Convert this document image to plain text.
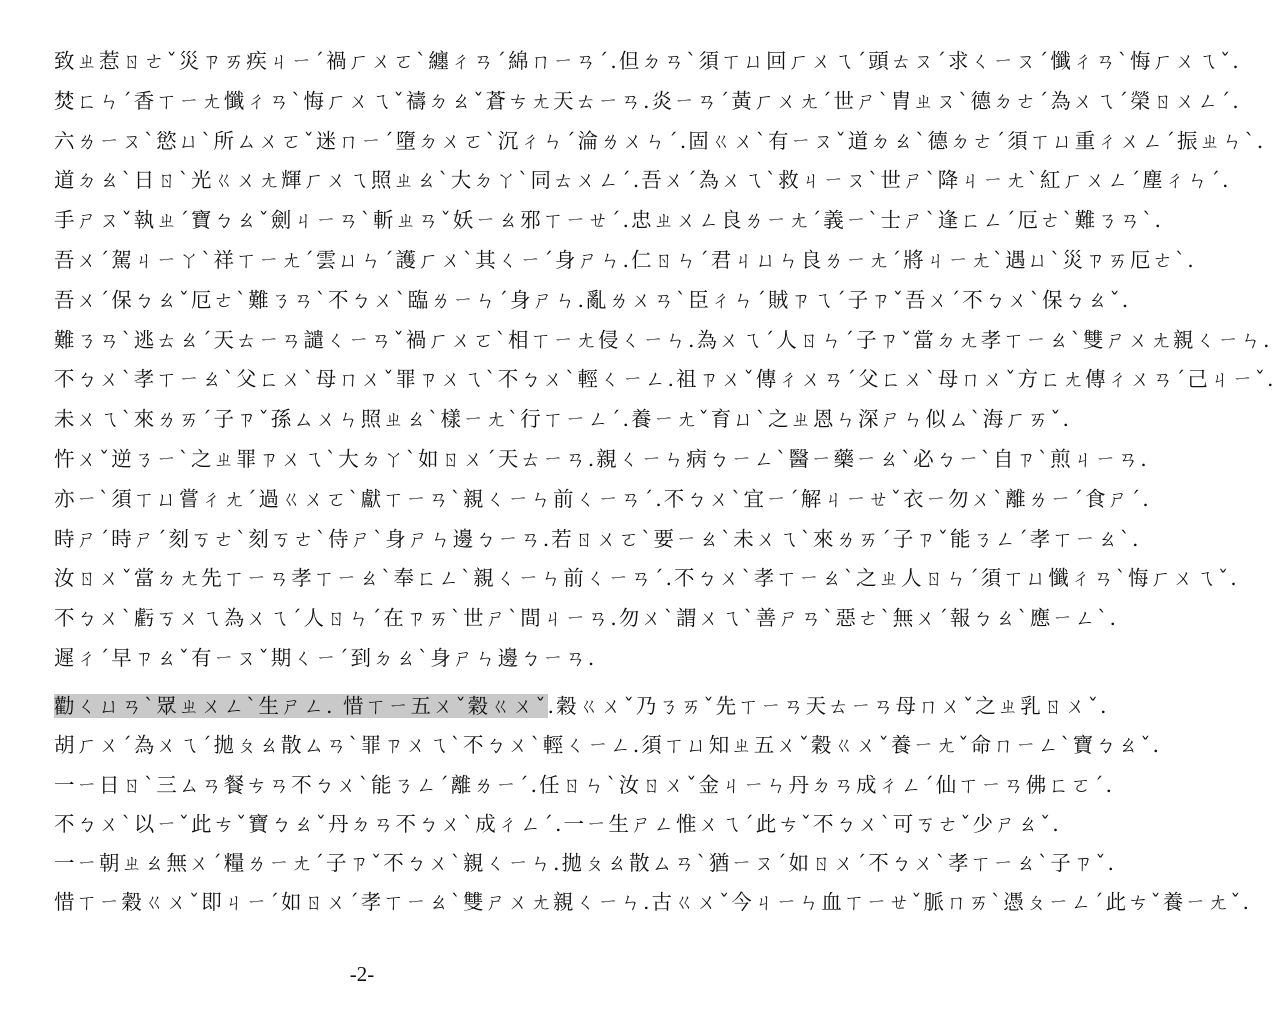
致ㄓ惹ㄖㄜˇ災ㄗㄞ疾ㄐㄧˊ禍ㄏㄨㄛˋ纏ㄔㄢˊ綿ㄇㄧㄢˊ.但ㄉㄢˋ須ㄒㄩ回ㄏㄨㄟˊ頭ㄊㄡˊ求ㄑㄧㄡˊ懺ㄔㄢˋ悔ㄏㄨㄟˇ.
焚ㄈㄣˊ香ㄒㄧㄤ懺ㄔㄢˋ悔ㄏㄨㄟˇ禱ㄉㄠˇ蒼ㄘㄤ天ㄊㄧㄢ.炎ㄧㄢˊ黃ㄏㄨㄤˊ世ㄕˋ胄ㄓㄡˋ德ㄉㄜˊ為ㄨㄟˊ榮ㄖㄨㄥˊ.
六ㄌㄧㄡˋ慾ㄩˋ所ㄙㄨㄛˇ迷ㄇㄧˊ墮ㄉㄨㄛˋ沉ㄔㄣˊ淪ㄌㄨㄣˊ.固ㄍㄨˋ有ㄧㄡˇ道ㄉㄠˋ德ㄉㄜˊ須ㄒㄩ重ㄔㄨㄥˊ振ㄓㄣˋ.
道ㄉㄠˋ日ㄖˋ光ㄍㄨㄤ輝ㄏㄨㄟ照ㄓㄠˋ大ㄉㄚˋ同ㄊㄨㄥˊ.吾ㄨˊ為ㄨㄟˋ救ㄐㄧㄡˋ世ㄕˋ降ㄐㄧㄤˋ紅ㄏㄨㄥˊ塵ㄔㄣˊ.
手ㄕㄡˇ執ㄓˊ寶ㄅㄠˇ劍ㄐㄧㄢˋ斬ㄓㄢˇ妖ㄧㄠ邪ㄒㄧㄝˊ.忠ㄓㄨㄥ良ㄌㄧㄤˊ義ㄧˋ士ㄕˋ逢ㄈㄥˊ厄ㄜˋ難ㄋㄢˋ.
吾ㄨˊ駕ㄐㄧㄚˋ祥ㄒㄧㄤˊ雲ㄩㄣˊ護ㄏㄨˋ其ㄑㄧˊ身ㄕㄣ.仁ㄖㄣˊ君ㄐㄩㄣ良ㄌㄧㄤˊ將ㄐㄧㄤˋ遇ㄩˋ災ㄗㄞ厄ㄜˋ.
吾ㄨˊ保ㄅㄠˇ厄ㄜˋ難ㄋㄢˋ不ㄅㄨˋ臨ㄌㄧㄣˊ身ㄕㄣ.亂ㄌㄨㄢˋ臣ㄔㄣˊ賊ㄗㄟˊ子ㄗˇ吾ㄨˊ不ㄅㄨˋ保ㄅㄠˇ.
難ㄋㄢˋ逃ㄊㄠˊ天ㄊㄧㄢ譴ㄑㄧㄢˇ禍ㄏㄨㄛˋ相ㄒㄧㄤ侵ㄑㄧㄣ.為ㄨㄟˊ人ㄖㄣˊ子ㄗˇ當ㄉㄤ孝ㄒㄧㄠˋ雙ㄕㄨㄤ親ㄑㄧㄣ.
不ㄅㄨˋ孝ㄒㄧㄠˋ父ㄈㄨˋ母ㄇㄨˇ罪ㄗㄨㄟˋ不ㄅㄨˋ輕ㄑㄧㄥ.祖ㄗㄨˇ傳ㄔㄨㄢˊ父ㄈㄨˋ母ㄇㄨˇ方ㄈㄤ傳ㄔㄨㄢˊ己ㄐㄧˇ.
未ㄨㄟˋ來ㄌㄞˊ子ㄗˇ孫ㄙㄨㄣ照ㄓㄠˋ樣ㄧㄤˋ行ㄒㄧㄥˊ.養ㄧㄤˇ育ㄩˋ之ㄓ恩ㄣ深ㄕㄣ似ㄙˋ海ㄏㄞˇ.
忤ㄨˇ逆ㄋㄧˋ之ㄓ罪ㄗㄨㄟˋ大ㄉㄚˋ如ㄖㄨˊ天ㄊㄧㄢ.親ㄑㄧㄣ病ㄅㄧㄥˋ醫ㄧ藥ㄧㄠˋ必ㄅㄧˋ自ㄗˋ煎ㄐㄧㄢ.
亦ㄧˋ須ㄒㄩ嘗ㄔㄤˊ過ㄍㄨㄛˋ獻ㄒㄧㄢˋ親ㄑㄧㄣ前ㄑㄧㄢˊ.不ㄅㄨˋ宜ㄧˊ解ㄐㄧㄝˇ衣ㄧ勿ㄨˋ離ㄌㄧˊ食ㄕˊ.
時ㄕˊ時ㄕˊ刻ㄎㄜˋ刻ㄎㄜˋ侍ㄕˋ身ㄕㄣ邊ㄅㄧㄢ.若ㄖㄨㄛˋ要ㄧㄠˋ未ㄨㄟˋ來ㄌㄞˊ子ㄗˇ能ㄋㄥˊ孝ㄒㄧㄠˋ.
汝ㄖㄨˇ當ㄉㄤ先ㄒㄧㄢ孝ㄒㄧㄠˋ奉ㄈㄥˋ親ㄑㄧㄣ前ㄑㄧㄢˊ.不ㄅㄨˋ孝ㄒㄧㄠˋ之ㄓ人ㄖㄣˊ須ㄒㄩ懺ㄔㄢˋ悔ㄏㄨㄟˇ.
不ㄅㄨˋ虧ㄎㄨㄟ為ㄨㄟˊ人ㄖㄣˊ在ㄗㄞˋ世ㄕˋ間ㄐㄧㄢ.勿ㄨˋ謂ㄨㄟˋ善ㄕㄢˋ惡ㄜˋ無ㄨˊ報ㄅㄠˋ應ㄧㄥˋ.
遲ㄔˊ早ㄗㄠˇ有ㄧㄡˇ期ㄑㄧˊ到ㄉㄠˋ身ㄕㄣ邊ㄅㄧㄢ.
勸ㄑㄩㄢˋ眾ㄓㄨㄥˋ生ㄕㄥ. 惜ㄒㄧ五ㄨˇ穀ㄍㄨˇ.穀ㄍㄨˇ乃ㄋㄞˇ先ㄒㄧㄢ天ㄊㄧㄢ母ㄇㄨˇ之ㄓ乳ㄖㄨˇ.
胡ㄏㄨˊ為ㄨㄟˊ拋ㄆㄠ散ㄙㄢˋ罪ㄗㄨㄟˋ不ㄅㄨˋ輕ㄑㄧㄥ.須ㄒㄩ知ㄓ五ㄨˇ穀ㄍㄨˇ養ㄧㄤˇ命ㄇㄧㄥˋ寶ㄅㄠˇ.
一ㄧ日ㄖˋ三ㄙㄢ餐ㄘㄢ不ㄅㄨˋ能ㄋㄥˊ離ㄌㄧˊ.任ㄖㄣˋ汝ㄖㄨˇ金ㄐㄧㄣ丹ㄉㄢ成ㄔㄥˊ仙ㄒㄧㄢ佛ㄈㄛˊ.
不ㄅㄨˋ以ㄧˇ此ㄘˇ寶ㄅㄠˇ丹ㄉㄢ不ㄅㄨˋ成ㄔㄥˊ.一ㄧ生ㄕㄥ惟ㄨㄟˊ此ㄘˇ不ㄅㄨˋ可ㄎㄜˇ少ㄕㄠˇ.
一ㄧ朝ㄓㄠ無ㄨˊ糧ㄌㄧㄤˊ子ㄗˇ不ㄅㄨˋ親ㄑㄧㄣ.拋ㄆㄠ散ㄙㄢˋ猶ㄧㄡˊ如ㄖㄨˊ不ㄅㄨˋ孝ㄒㄧㄠˋ子ㄗˇ.
惜ㄒㄧ穀ㄍㄨˇ即ㄐㄧˊ如ㄖㄨˊ孝ㄒㄧㄠˋ雙ㄕㄨㄤ親ㄑㄧㄣ.古ㄍㄨˇ今ㄐㄧㄣ血ㄒㄧㄝˇ脈ㄇㄞˋ憑ㄆㄧㄥˊ此ㄘˇ養ㄧㄤˇ.
-2-
